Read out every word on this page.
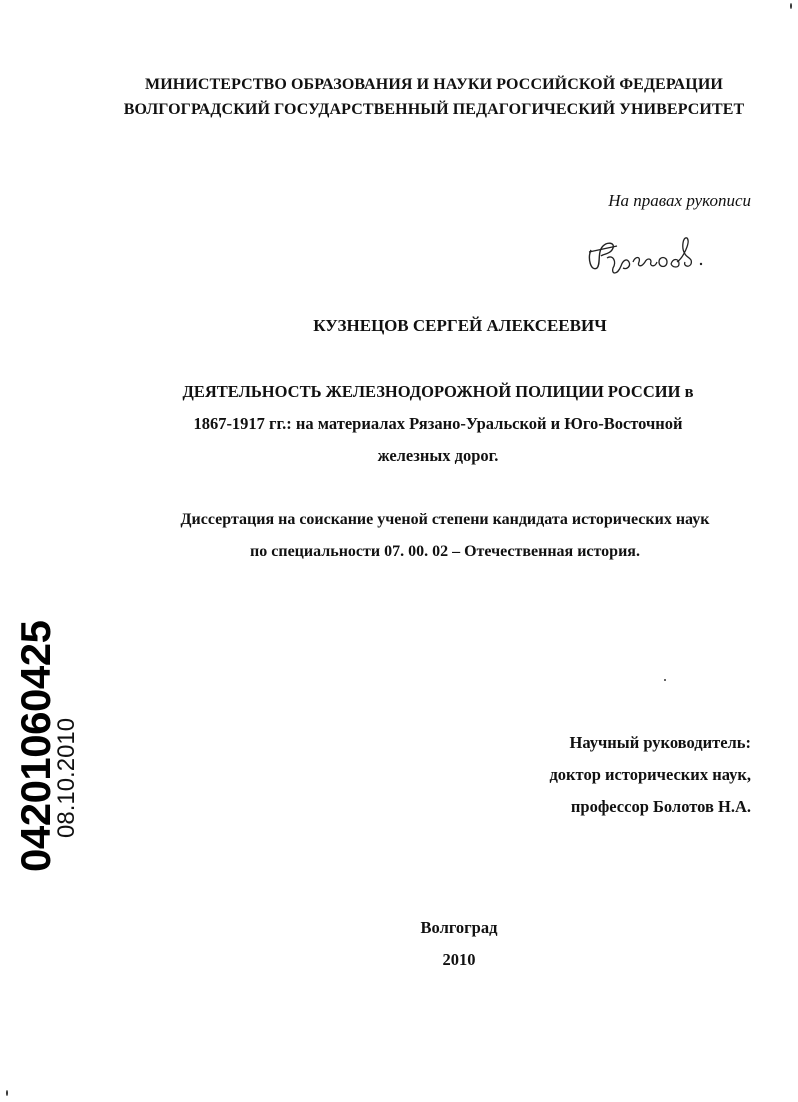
МИНИСТЕРСТВО ОБРАЗОВАНИЯ И НАУКИ РОССИЙСКОЙ ФЕДЕРАЦИИ
ВОЛГОГРАДСКИЙ ГОСУДАРСТВЕННЫЙ ПЕДАГОГИЧЕСКИЙ УНИВЕРСИТЕТ
На правах рукописи
КУЗНЕЦОВ СЕРГЕЙ АЛЕКСЕЕВИЧ
ДЕЯТЕЛЬНОСТЬ ЖЕЛЕЗНОДОРОЖНОЙ ПОЛИЦИИ РОССИИ в
1867-1917 гг.: на материалах Рязано-Уральской и Юго-Восточной
железных дорог.
Диссертация на соискание ученой степени кандидата исторических наук
по специальности 07. 00. 02 – Отечественная история.
Научный руководитель:
доктор исторических наук,
профессор Болотов Н.А.
Волгоград
2010
04201060425
08.10.2010
